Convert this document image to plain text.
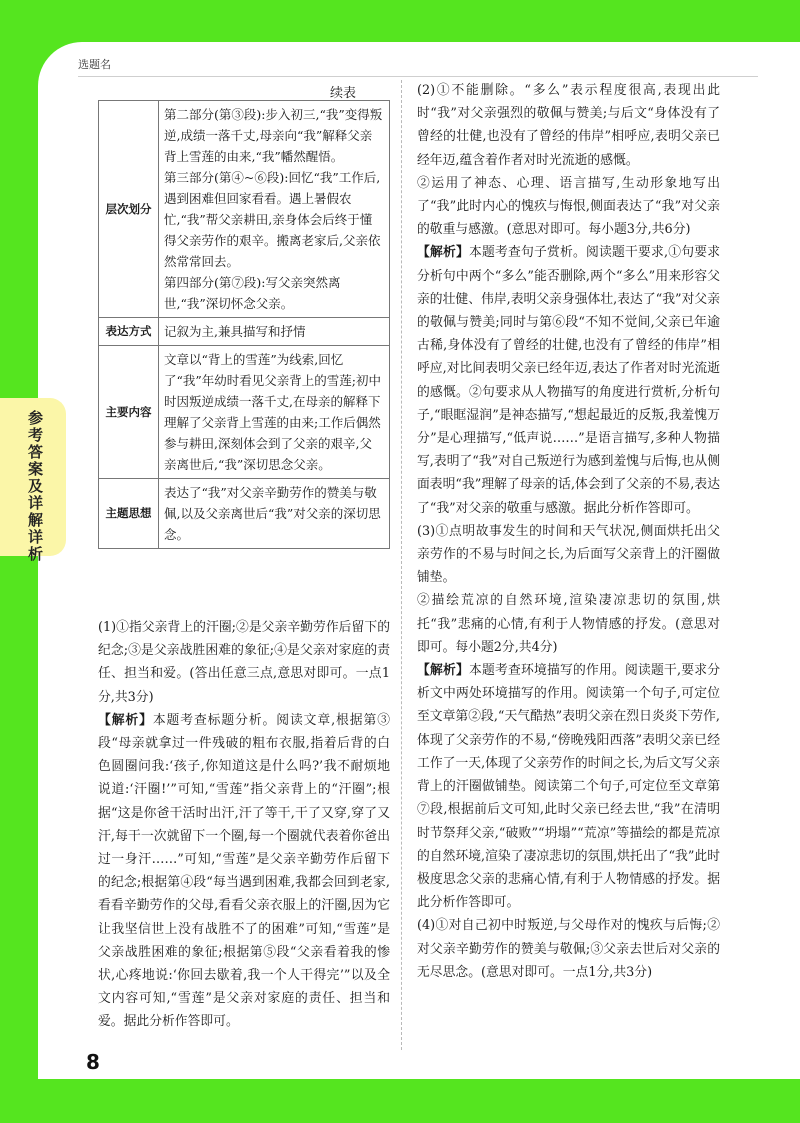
选题名
参考答案及详解详析
续表
层次划分	第二部分(第③段):步入初三,“我”变得叛逆,成绩一落千丈,母亲向“我”解释父亲背上雪莲的由来,“我”幡然醒悟。

第三部分(第④~⑥段):回忆“我”工作后,遇到困难但回家看看。遇上暑假农忙,“我”帮父亲耕田,亲身体会后终于懂得父亲劳作的艰辛。搬离老家后,父亲依然常常回去。

第四部分(第⑦段):写父亲突然离世,“我”深切怀念父亲。

表达方式	记叙为主,兼具描写和抒情

主要内容	文章以“背上的雪莲”为线索,回忆了“我”年幼时看见父亲背上的雪莲;初中时因叛逆成绩一落千丈,在母亲的解释下理解了父亲背上雪莲的由来;工作后偶然参与耕田,深刻体会到了父亲的艰辛,父亲离世后,“我”深切思念父亲。

主题思想	表达了“我”对父亲辛勤劳作的赞美与敬佩,以及父亲离世后“我”对父亲的深切思念。

(1)①指父亲背上的汗圈;②是父亲辛勤劳作后留下的纪念;③是父亲战胜困难的象征;④是父亲对家庭的责任、担当和爱。(答出任意三点,意思对即可。一点1分,共3分)

【解析】本题考查标题分析。阅读文章,根据第③段“母亲就拿过一件残破的粗布衣服,指着后背的白色圆圈问我:‘孩子,你知道这是什么吗?’我不耐烦地说道:‘汗圈!’”可知,“雪莲”指父亲背上的“汗圈”;根据“这是你爸干活时出汗,汗了等干,干了又穿,穿了又汗,每干一次就留下一个圈,每一个圈就代表着你爸出过一身汗……”可知,“雪莲”是父亲辛勤劳作后留下的纪念;根据第④段“每当遇到困难,我都会回到老家,看看辛勤劳作的父母,看看父亲衣服上的汗圈,因为它让我坚信世上没有战胜不了的困难”可知,“雪莲”是父亲战胜困难的象征;根据第⑤段“父亲看着我的惨状,心疼地说:‘你回去歇着,我一个人干得完’”以及全文内容可知,“雪莲”是父亲对家庭的责任、担当和爱。据此分析作答即可。

(2)①不能删除。“多么”表示程度很高,表现出此时“我”对父亲强烈的敬佩与赞美;与后文“身体没有了曾经的壮健,也没有了曾经的伟岸”相呼应,表明父亲已经年迈,蕴含着作者对时光流逝的感慨。

②运用了神态、心理、语言描写,生动形象地写出了“我”此时内心的愧疚与悔恨,侧面表达了“我”对父亲的敬重与感激。(意思对即可。每小题3分,共6分)

【解析】本题考查句子赏析。阅读题干要求,①句要求分析句中两个“多么”能否删除,两个“多么”用来形容父亲的壮健、伟岸,表明父亲身强体壮,表达了“我”对父亲的敬佩与赞美;同时与第⑥段“不知不觉间,父亲已年逾古稀,身体没有了曾经的壮健,也没有了曾经的伟岸”相呼应,对比间表明父亲已经年迈,表达了作者对时光流逝的感慨。②句要求从人物描写的角度进行赏析,分析句子,“眼眶湿润”是神态描写,“想起最近的反叛,我羞愧万分”是心理描写,“低声说……”是语言描写,多种人物描写,表明了“我”对自己叛逆行为感到羞愧与后悔,也从侧面表明“我”理解了母亲的话,体会到了父亲的不易,表达了“我”对父亲的敬重与感激。据此分析作答即可。

(3)①点明故事发生的时间和天气状况,侧面烘托出父亲劳作的不易与时间之长,为后面写父亲背上的汗圈做铺垫。

②描绘荒凉的自然环境,渲染凄凉悲切的氛围,烘托“我”悲痛的心情,有利于人物情感的抒发。(意思对即可。每小题2分,共4分)

【解析】本题考查环境描写的作用。阅读题干,要求分析文中两处环境描写的作用。阅读第一个句子,可定位至文章第②段,“天气酷热”表明父亲在烈日炎炎下劳作,体现了父亲劳作的不易,“傍晚残阳西落”表明父亲已经工作了一天,体现了父亲劳作的时间之长,为后文写父亲背上的汗圈做铺垫。阅读第二个句子,可定位至文章第⑦段,根据前后文可知,此时父亲已经去世,“我”在清明时节祭拜父亲,“破败”“坍塌”“荒凉”等描绘的都是荒凉的自然环境,渲染了凄凉悲切的氛围,烘托出了“我”此时极度思念父亲的悲痛心情,有利于人物情感的抒发。据此分析作答即可。

(4)①对自己初中时叛逆,与父母作对的愧疚与后悔;②对父亲辛勤劳作的赞美与敬佩;③父亲去世后对父亲的无尽思念。(意思对即可。一点1分,共3分)

8
